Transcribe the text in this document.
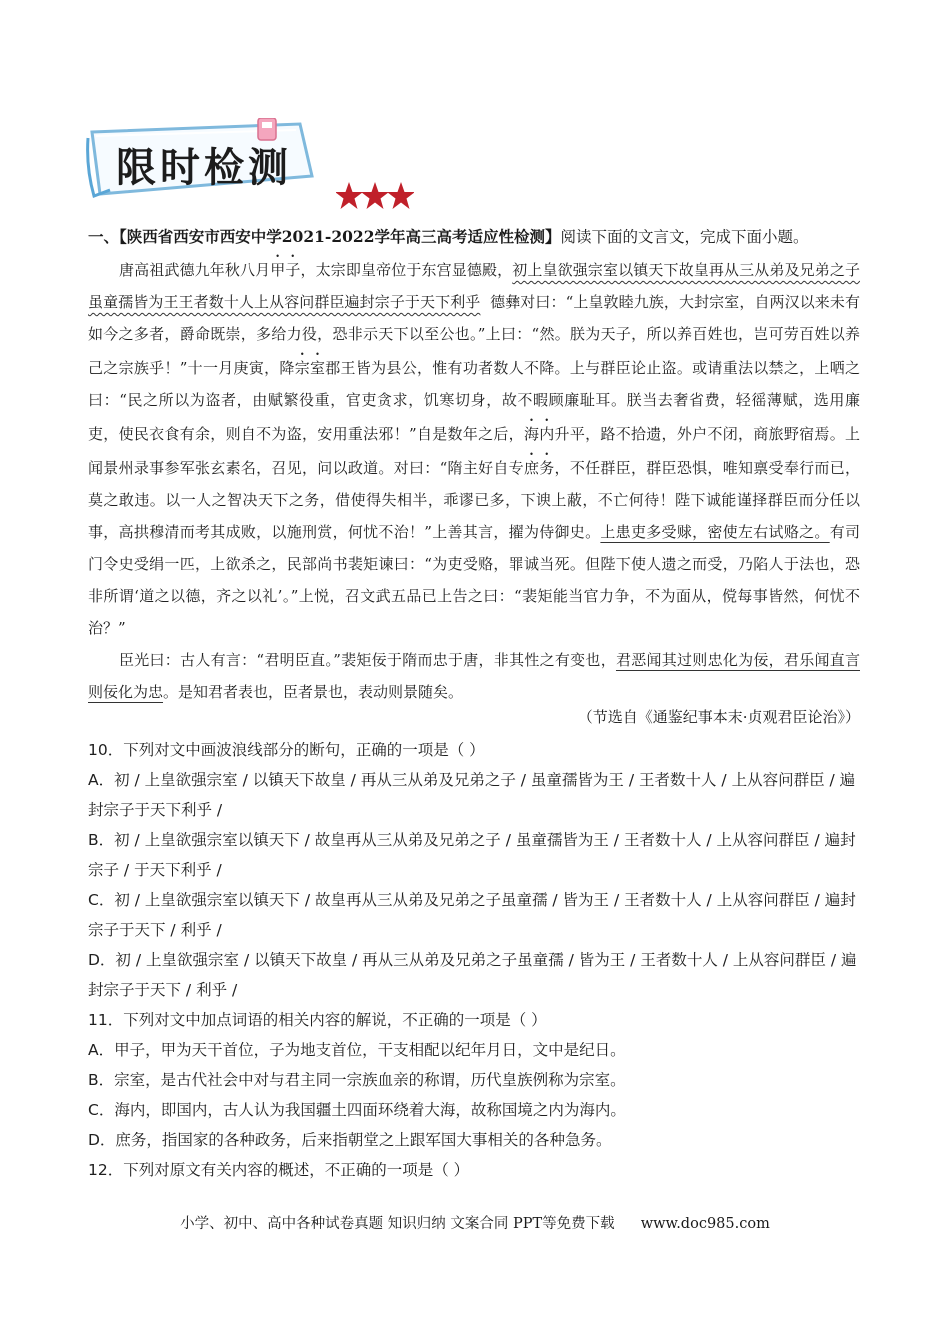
限时检测
一、【陕西省西安市西安中学2021-2022学年高三高考适应性检测】阅读下面的文言文，完成下面小题。

唐高祖武德九年秋八月甲子，太宗即皇帝位于东宫显德殿，初上皇欲强宗室以镇天下故皇再从三从弟及兄弟之子虽童孺皆为王王者数十人上从容问群臣遍封宗子于天下利乎 德彝对曰：“上皇敦睦九族，大封宗室，自两汉以来未有如今之多者，爵命既崇，多给力役，恐非示天下以至公也。”上曰：“然。朕为天子，所以养百姓也，岂可劳百姓以养己之宗族乎！”十一月庚寅，降宗室郡王皆为县公，惟有功者数人不降。上与群臣论止盗。或请重法以禁之，上哂之曰：“民之所以为盗者，由赋繁役重，官吏贪求，饥寒切身，故不暇顾廉耻耳。朕当去奢省费，轻徭薄赋，选用廉吏，使民衣食有余，则自不为盗，安用重法邪！”自是数年之后，海内升平，路不拾遗，外户不闭，商旅野宿焉。上闻景州录事参军张玄素名，召见，问以政道。对曰：“隋主好自专庶务，不任群臣，群臣恐惧，唯知禀受奉行而已，莫之敢违。以一人之智决天下之务，借使得失相半，乖谬已多，下谀上蔽，不亡何待！陛下诚能谨择群臣而分任以事，高拱穆清而考其成败，以施刑赏，何忧不治！”上善其言，擢为侍御史。上患吏多受赇，密使左右试赂之。有司门令史受绢一匹，上欲杀之，民部尚书裴矩谏曰：“为吏受赂，罪诚当死。但陛下使人遗之而受，乃陷人于法也，恐非所谓‘道之以德，齐之以礼’。”上悦，召文武五品已上告之曰：“裴矩能当官力争，不为面从，傥每事皆然，何忧不治？”

臣光曰：古人有言：“君明臣直。”裴矩佞于隋而忠于唐，非其性之有变也，君恶闻其过则忠化为佞，君乐闻直言则佞化为忠。是知君者表也，臣者景也，表动则景随矣。

（节选自《通鉴纪事本末·贞观君臣论治》）
10．下列对文中画波浪线部分的断句，正确的一项是（ ）
A．初 / 上皇欲强宗室 / 以镇天下故皇 / 再从三从弟及兄弟之子 / 虽童孺皆为王 / 王者数十人 / 上从容问群臣 / 遍封宗子于天下利乎 /
B．初 / 上皇欲强宗室以镇天下 / 故皇再从三从弟及兄弟之子 / 虽童孺皆为王 / 王者数十人 / 上从容问群臣 / 遍封宗子 / 于天下利乎 /
C．初 / 上皇欲强宗室以镇天下 / 故皇再从三从弟及兄弟之子虽童孺 / 皆为王 / 王者数十人 / 上从容问群臣 / 遍封宗子于天下 / 利乎 /
D．初 / 上皇欲强宗室 / 以镇天下故皇 / 再从三从弟及兄弟之子虽童孺 / 皆为王 / 王者数十人 / 上从容问群臣 / 遍封宗子于天下 / 利乎 /
11．下列对文中加点词语的相关内容的解说，不正确的一项是（ ）
A．甲子，甲为天干首位，子为地支首位，干支相配以纪年月日，文中是纪日。
B．宗室，是古代社会中对与君主同一宗族血亲的称谓，历代皇族例称为宗室。
C．海内，即国内，古人认为我国疆土四面环绕着大海，故称国境之内为海内。
D．庶务，指国家的各种政务，后来指朝堂之上跟军国大事相关的各种急务。
12．下列对原文有关内容的概述，不正确的一项是（ ）
小学、初中、高中各种试卷真题 知识归纳 文案合同 PPT等免费下载 www.doc985.com
